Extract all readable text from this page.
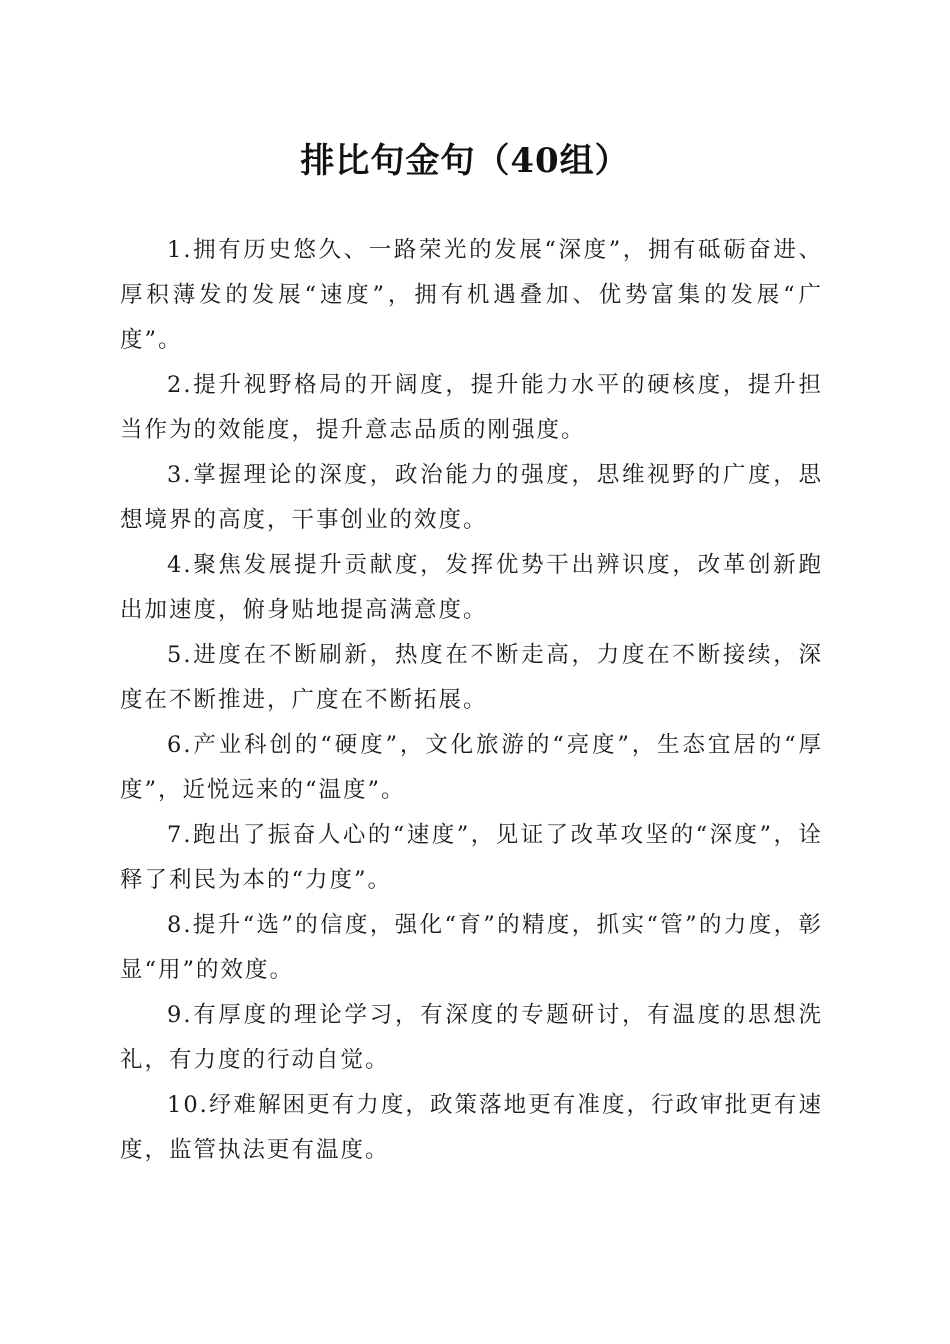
排比句金句（40组）

1.拥有历史悠久、一路荣光的发展“深度”，拥有砥砺奋进、厚积薄发的发展“速度”，拥有机遇叠加、优势富集的发展“广度”。

2.提升视野格局的开阔度，提升能力水平的硬核度，提升担当作为的效能度，提升意志品质的刚强度。

3.掌握理论的深度，政治能力的强度，思维视野的广度，思想境界的高度，干事创业的效度。

4.聚焦发展提升贡献度，发挥优势干出辨识度，改革创新跑出加速度，俯身贴地提高满意度。

5.进度在不断刷新，热度在不断走高，力度在不断接续，深度在不断推进，广度在不断拓展。

6.产业科创的“硬度”，文化旅游的“亮度”，生态宜居的“厚度”，近悦远来的“温度”。

7.跑出了振奋人心的“速度”，见证了改革攻坚的“深度”，诠释了利民为本的“力度”。

8.提升“选”的信度，强化“育”的精度，抓实“管”的力度，彰显“用”的效度。

9.有厚度的理论学习，有深度的专题研讨，有温度的思想洗礼，有力度的行动自觉。

10.纾难解困更有力度，政策落地更有准度，行政审批更有速度，监管执法更有温度。
